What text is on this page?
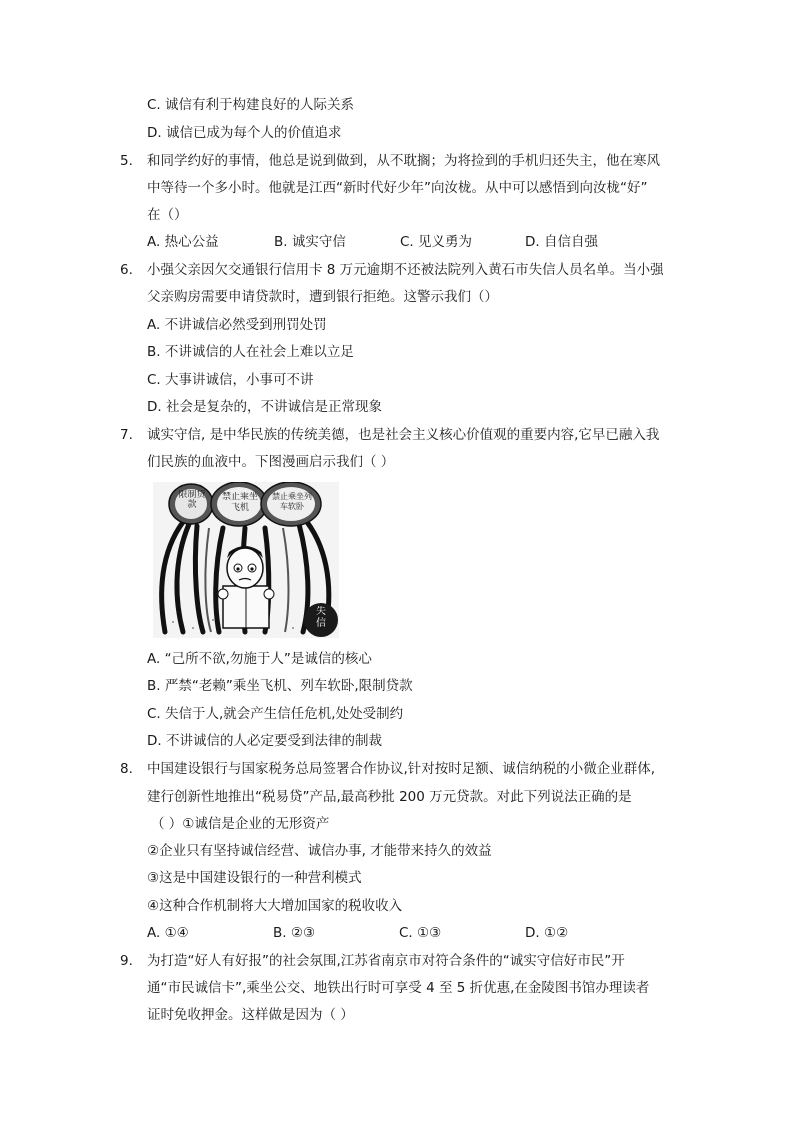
C. 诚信有利于构建良好的人际关系
D. 诚信已成为每个人的价值追求
5. 和同学约好的事情，他总是说到做到，从不耽搁；为将捡到的手机归还失主，他在寒风
中等待一个多小时。他就是江西“新时代好少年”向汝栊。从中可以感悟到向汝栊“好”
在（）
A. 热心公益	B. 诚实守信	C. 见义勇为	D. 自信自强
6. 小强父亲因欠交通银行信用卡 8 万元逾期不还被法院列入黄石市失信人员名单。当小强
父亲购房需要申请贷款时，遭到银行拒绝。这警示我们（）
A. 不讲诚信必然受到刑罚处罚
B. 不讲诚信的人在社会上难以立足
C. 大事讲诚信，小事可不讲
D. 社会是复杂的，不讲诚信是正常现象
7. 诚实守信, 是中华民族的传统美德，也是社会主义核心价值观的重要内容,它早已融入我
们民族的血液中。下图漫画启示我们（ ）
限制贷款
禁止乘坐飞机
禁止乘坐列车软卧
失信
A. “己所不欲,勿施于人”是诚信的核心
B. 严禁“老赖”乘坐飞机、列车软卧,限制贷款
C. 失信于人,就会产生信任危机,处处受制约
D. 不讲诚信的人必定要受到法律的制裁
8. 中国建设银行与国家税务总局签署合作协议,针对按时足额、诚信纳税的小微企业群体,
建行创新性地推出“税易贷”产品,最高秒批 200 万元贷款。对此下列说法正确的是
（ ）①诚信是企业的无形资产
②企业只有坚持诚信经营、诚信办事, 才能带来持久的效益
③这是中国建设银行的一种营利模式
④这种合作机制将大大增加国家的税收收入
A. ①④	B. ②③	C. ①③	D. ①②
9. 为打造“好人有好报”的社会氛围,江苏省南京市对符合条件的“诚实守信好市民”开
通“市民诚信卡”,乘坐公交、地铁出行时可享受 4 至 5 折优惠,在金陵图书馆办理读者
证时免收押金。这样做是因为（ ）
